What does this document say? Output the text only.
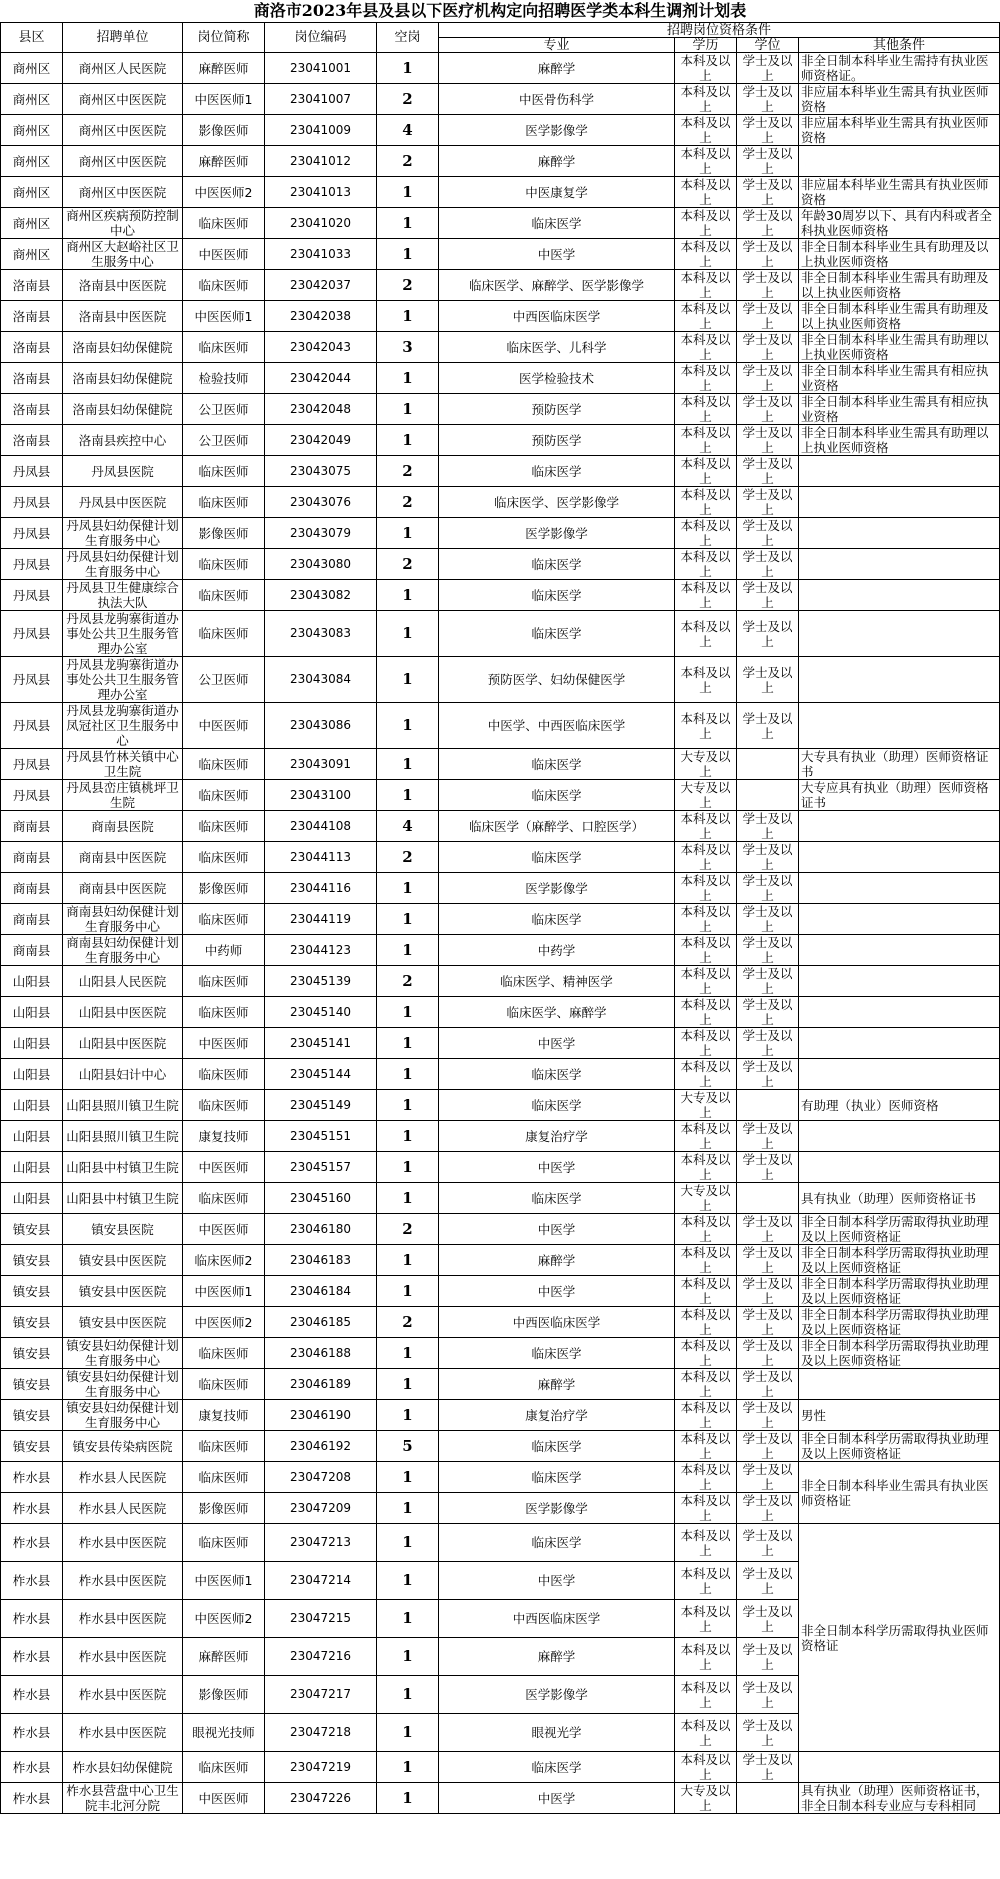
商洛市2023年县及县以下医疗机构定向招聘医学类本科生调剂计划表
县区	招聘单位	岗位简称	岗位编码	空岗	招聘岗位资格条件			
					专业	学历	学位	其他条件
商州区	商州区人民医院	麻醉医师	23041001	1	麻醉学	本科及以上	学士及以上	非全日制本科毕业生需持有执业医师资格证。
商州区	商州区中医医院	中医医师1	23041007	2	中医骨伤科学	本科及以上	学士及以上	非应届本科毕业生需具有执业医师资格
商州区	商州区中医医院	影像医师	23041009	4	医学影像学	本科及以上	学士及以上	非应届本科毕业生需具有执业医师资格
商州区	商州区中医医院	麻醉医师	23041012	2	麻醉学	本科及以上	学士及以上	
商州区	商州区中医医院	中医医师2	23041013	1	中医康复学	本科及以上	学士及以上	非应届本科毕业生需具有执业医师资格
商州区	商州区疾病预防控制中心	临床医师	23041020	1	临床医学	本科及以上	学士及以上	年龄30周岁以下、具有内科或者全科执业医师资格
商州区	商州区大赵峪社区卫生服务中心	中医医师	23041033	1	中医学	本科及以上	学士及以上	非全日制本科毕业生具有助理及以上执业医师资格
洛南县	洛南县中医医院	临床医师	23042037	2	临床医学、麻醉学、医学影像学	本科及以上	学士及以上	非全日制本科毕业生需具有助理及以上执业医师资格
洛南县	洛南县中医医院	中医医师1	23042038	1	中西医临床医学	本科及以上	学士及以上	非全日制本科毕业生需具有助理及以上执业医师资格
洛南县	洛南县妇幼保健院	临床医师	23042043	3	临床医学、儿科学	本科及以上	学士及以上	非全日制本科毕业生需具有助理以上执业医师资格
洛南县	洛南县妇幼保健院	检验技师	23042044	1	医学检验技术	本科及以上	学士及以上	非全日制本科毕业生需具有相应执业资格
洛南县	洛南县妇幼保健院	公卫医师	23042048	1	预防医学	本科及以上	学士及以上	非全日制本科毕业生需具有相应执业资格
洛南县	洛南县疾控中心	公卫医师	23042049	1	预防医学	本科及以上	学士及以上	非全日制本科毕业生需具有助理以上执业医师资格
丹凤县	丹凤县医院	临床医师	23043075	2	临床医学	本科及以上	学士及以上	
丹凤县	丹凤县中医医院	临床医师	23043076	2	临床医学、医学影像学	本科及以上	学士及以上	
丹凤县	丹凤县妇幼保健计划生育服务中心	影像医师	23043079	1	医学影像学	本科及以上	学士及以上	
丹凤县	丹凤县妇幼保健计划生育服务中心	临床医师	23043080	2	临床医学	本科及以上	学士及以上	
丹凤县	丹凤县卫生健康综合执法大队	临床医师	23043082	1	临床医学	本科及以上	学士及以上	
丹凤县	丹凤县龙驹寨街道办事处公共卫生服务管理办公室	临床医师	23043083	1	临床医学	本科及以上	学士及以上	
丹凤县	丹凤县龙驹寨街道办事处公共卫生服务管理办公室	公卫医师	23043084	1	预防医学、妇幼保健医学	本科及以上	学士及以上	
丹凤县	丹凤县龙驹寨街道办凤冠社区卫生服务中心	中医医师	23043086	1	中医学、中西医临床医学	本科及以上	学士及以上	
丹凤县	丹凤县竹林关镇中心卫生院	临床医师	23043091	1	临床医学	大专及以上		大专具有执业（助理）医师资格证书
丹凤县	丹凤县峦庄镇桃坪卫生院	临床医师	23043100	1	临床医学	大专及以上		大专应具有执业（助理）医师资格证书
商南县	商南县医院	临床医师	23044108	4	临床医学（麻醉学、口腔医学）	本科及以上	学士及以上	
商南县	商南县中医医院	临床医师	23044113	2	临床医学	本科及以上	学士及以上	
商南县	商南县中医医院	影像医师	23044116	1	医学影像学	本科及以上	学士及以上	
商南县	商南县妇幼保健计划生育服务中心	临床医师	23044119	1	临床医学	本科及以上	学士及以上	
商南县	商南县妇幼保健计划生育服务中心	中药师	23044123	1	中药学	本科及以上	学士及以上	
山阳县	山阳县人民医院	临床医师	23045139	2	临床医学、精神医学	本科及以上	学士及以上	
山阳县	山阳县中医医院	临床医师	23045140	1	临床医学、麻醉学	本科及以上	学士及以上	
山阳县	山阳县中医医院	中医医师	23045141	1	中医学	本科及以上	学士及以上	
山阳县	山阳县妇计中心	临床医师	23045144	1	临床医学	本科及以上	学士及以上	
山阳县	山阳县照川镇卫生院	临床医师	23045149	1	临床医学	大专及以上		有助理（执业）医师资格
山阳县	山阳县照川镇卫生院	康复技师	23045151	1	康复治疗学	本科及以上	学士及以上	
山阳县	山阳县中村镇卫生院	中医医师	23045157	1	中医学	本科及以上	学士及以上	
山阳县	山阳县中村镇卫生院	临床医师	23045160	1	临床医学	大专及以上		具有执业（助理）医师资格证书
镇安县	镇安县医院	中医医师	23046180	2	中医学	本科及以上	学士及以上	非全日制本科学历需取得执业助理及以上医师资格证
镇安县	镇安县中医医院	临床医师2	23046183	1	麻醉学	本科及以上	学士及以上	非全日制本科学历需取得执业助理及以上医师资格证
镇安县	镇安县中医医院	中医医师1	23046184	1	中医学	本科及以上	学士及以上	非全日制本科学历需取得执业助理及以上医师资格证
镇安县	镇安县中医医院	中医医师2	23046185	2	中西医临床医学	本科及以上	学士及以上	非全日制本科学历需取得执业助理及以上医师资格证
镇安县	镇安县妇幼保健计划生育服务中心	临床医师	23046188	1	临床医学	本科及以上	学士及以上	非全日制本科学历需取得执业助理及以上医师资格证
镇安县	镇安县妇幼保健计划生育服务中心	临床医师	23046189	1	麻醉学	本科及以上	学士及以上	
镇安县	镇安县妇幼保健计划生育服务中心	康复技师	23046190	1	康复治疗学	本科及以上	学士及以上	男性
镇安县	镇安县传染病医院	临床医师	23046192	5	临床医学	本科及以上	学士及以上	非全日制本科学历需取得执业助理及以上医师资格证
柞水县	柞水县人民医院	临床医师	23047208	1	临床医学	本科及以上	学士及以上	非全日制本科毕业生需具有执业医师资格证
柞水县	柞水县人民医院	影像医师	23047209	1	医学影像学	本科及以上	学士及以上	
柞水县	柞水县中医医院	临床医师	23047213	1	临床医学	本科及以上	学士及以上	非全日制本科学历需取得执业医师资格证
柞水县	柞水县中医医院	中医医师1	23047214	1	中医学	本科及以上	学士及以上	
柞水县	柞水县中医医院	中医医师2	23047215	1	中西医临床医学	本科及以上	学士及以上	
柞水县	柞水县中医医院	麻醉医师	23047216	1	麻醉学	本科及以上	学士及以上	
柞水县	柞水县中医医院	影像医师	23047217	1	医学影像学	本科及以上	学士及以上	
柞水县	柞水县中医医院	眼视光技师	23047218	1	眼视光学	本科及以上	学士及以上	
柞水县	柞水县妇幼保健院	临床医师	23047219	1	临床医学	本科及以上	学士及以上	
柞水县	柞水县营盘中心卫生院丰北河分院	中医医师	23047226	1	中医学	大专及以上		具有执业（助理）医师资格证书，非全日制本科专业应与专科相同
